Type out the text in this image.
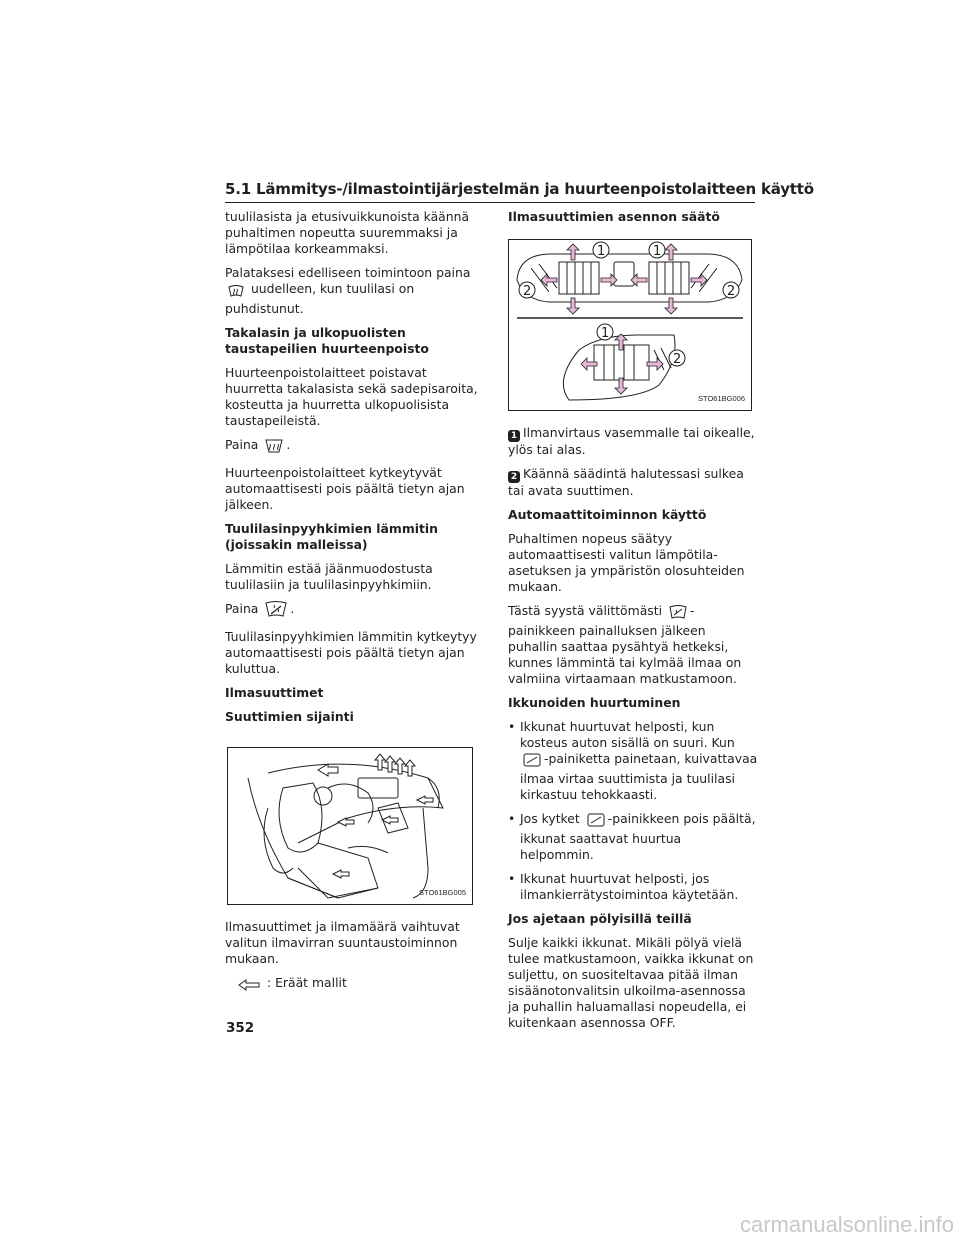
5.1 Lämmitys-/ilmastointijärjestelmän ja huurteenpoistolaitteen käyttö

tuulilasista ja etusivuikkunoista käännä puhaltimen nopeutta suuremmaksi ja lämpötilaa korkeammaksi.

Palataksesi edelliseen toimintoon paina
uudelleen, kun tuulilasi on puhdistunut.

Takalasin ja ulkopuolisten taustapeilien huurteenpoisto

Huurteenpoistolaitteet poistavat huurretta takalasista sekä sadepisaroita, kosteutta ja huurretta ulkopuolisista taustapeileistä.

Paina .

Huurteenpoistolaitteet kytkeytyvät automaattisesti pois päältä tietyn ajan jälkeen.

Tuulilasinpyyhkimien lämmitin (joissakin malleissa)

Lämmitin estää jäänmuodostusta tuulilasiin ja tuulilasinpyyhkimiin.

Paina	.

Tuulilasinpyyhkimien lämmitin kytkeytyy automaattisesti pois päältä tietyn ajan kuluttua.

Ilmasuuttimet
Suuttimien sijainti
STO61BG005

Ilmasuuttimet ja ilmamäärä vaihtuvat valitun ilmavirran suuntaustoiminnon mukaan.

: Eräät mallit

Ilmasuuttimien asennon säätö
1	1
2	2
1
2
STO61BG006

1 Ilmanvirtaus vasemmalle tai oikealle, ylös tai alas.

2 Käännä säädintä halutessasi sulkea tai avata suuttimen.

Automaattitoiminnon käyttö

Puhaltimen nopeus säätyy automaattisesti valitun lämpötila-asetuksen ja ympäristön olosuhteiden mukaan.

Tästä syystä välittömästi -painikkeen painalluksen jälkeen puhallin saattaa pysähtyä hetkeksi, kunnes lämmintä tai kylmää ilmaa on valmiina virtaamaan matkustamoon.

Ikkunoiden huurtuminen
• Ikkunat huurtuvat helposti, kun kosteus auton sisällä on suuri. Kun
-painiketta painetaan, kuivattavaa ilmaa virtaa suuttimista ja tuulilasi kirkastuu tehokkaasti.
• Jos kytket -painikkeen pois päältä, ikkunat saattavat huurtua helpommin.
• Ikkunat huurtuvat helposti, jos ilmankierrätystoimintoa käytetään.
Jos ajetaan pölyisillä teillä

Sulje kaikki ikkunat. Mikäli pölyä vielä tulee matkustamoon, vaikka ikkunat on suljettu, on suositeltavaa pitää ilman sisäänotonvalitsin ulkoilma-asennossa ja puhallin haluamallasi nopeudella, ei kuitenkaan asennossa OFF.

352
carmanualsonline.info
